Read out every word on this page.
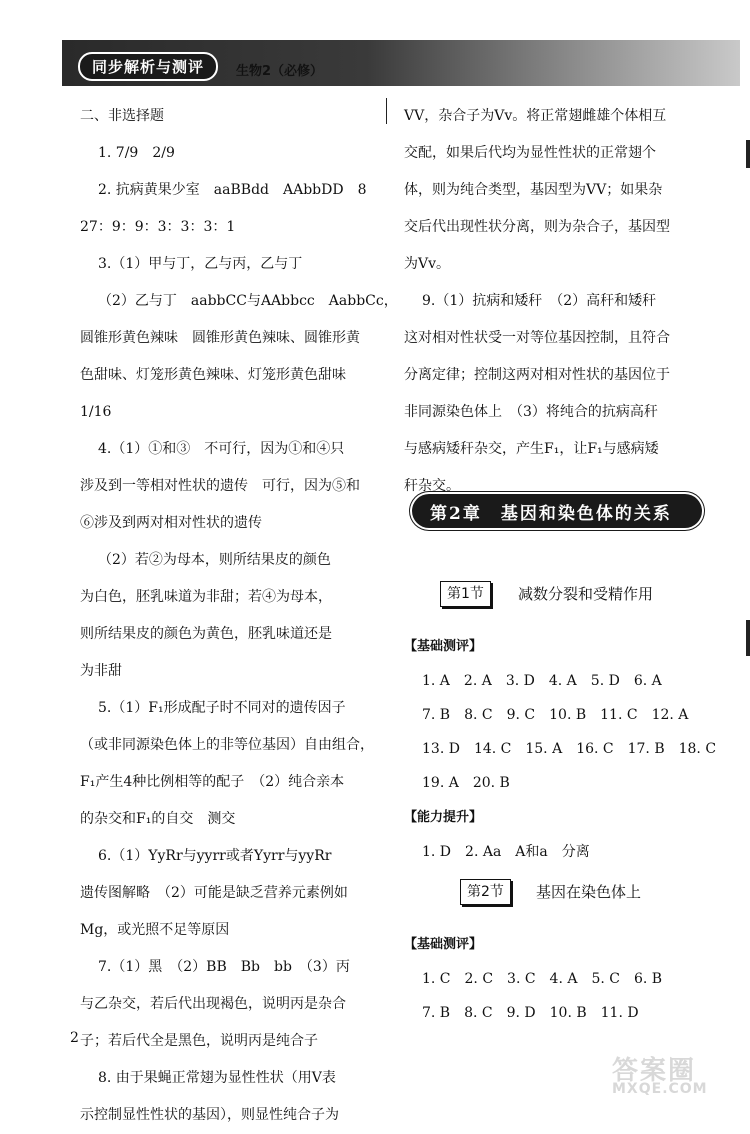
同步解析与测评	生物2（必修）

二、非选择题

1. 7/9　2/9

2. 抗病黄果少室　aaBBdd　AAbbDD　8

27：9：9：3：3：3：1

3.（1）甲与丁，乙与丙，乙与丁

（2）乙与丁　aabbCC与AAbbcc　AabbCc，

圆锥形黄色辣味　圆锥形黄色辣味、圆锥形黄

色甜味、灯笼形黄色辣味、灯笼形黄色甜味

1/16

4.（1）①和③　不可行，因为①和④只

涉及到一等相对性状的遗传　可行，因为⑤和

⑥涉及到两对相对性状的遗传

（2）若②为母本，则所结果皮的颜色

为白色，胚乳味道为非甜；若④为母本，

则所结果皮的颜色为黄色，胚乳味道还是

为非甜

5.（1）F₁形成配子时不同对的遗传因子

（或非同源染色体上的非等位基因）自由组合，

F₁产生4种比例相等的配子　（2）纯合亲本

的杂交和F₁的自交　测交

6.（1）YyRr与yyrr或者Yyrr与yyRr

遗传图解略　（2）可能是缺乏营养元素例如

Mg，或光照不足等原因

7.（1）黑　（2）BB　Bb　bb　（3）丙

与乙杂交，若后代出现褐色，说明丙是杂合

子；若后代全是黑色，说明丙是纯合子

8. 由于果蝇正常翅为显性性状（用V表

示控制显性性状的基因），则显性纯合子为

VV，杂合子为Vv。将正常翅雌雄个体相互

交配，如果后代均为显性性状的正常翅个

体，则为纯合类型，基因型为VV；如果杂

交后代出现性状分离，则为杂合子，基因型

为Vv。

9.（1）抗病和矮秆　（2）高秆和矮秆

这对相对性状受一对等位基因控制，且符合

分离定律；控制这两对相对性状的基因位于

非同源染色体上　（3）将纯合的抗病高秆

与感病矮秆杂交，产生F₁，让F₁与感病矮

秆杂交。

第2章　基因和染色体的关系
第1节	减数分裂和受精作用

【基础测评】

1. A　2. A　3. D　4. A　5. D　6. A

7. B　8. C　9. C　10. B　11. C　12. A

13. D　14. C　15. A　16. C　17. B　18. C

19. A　20. B

【能力提升】

1. D　2. Aa　A和a　分离

第2节	基因在染色体上

【基础测评】

1. C　2. C　3. C　4. A　5. C　6. B

7. B　8. C　9. D　10. B　11. D

2
答案圈
MXQE.COM
